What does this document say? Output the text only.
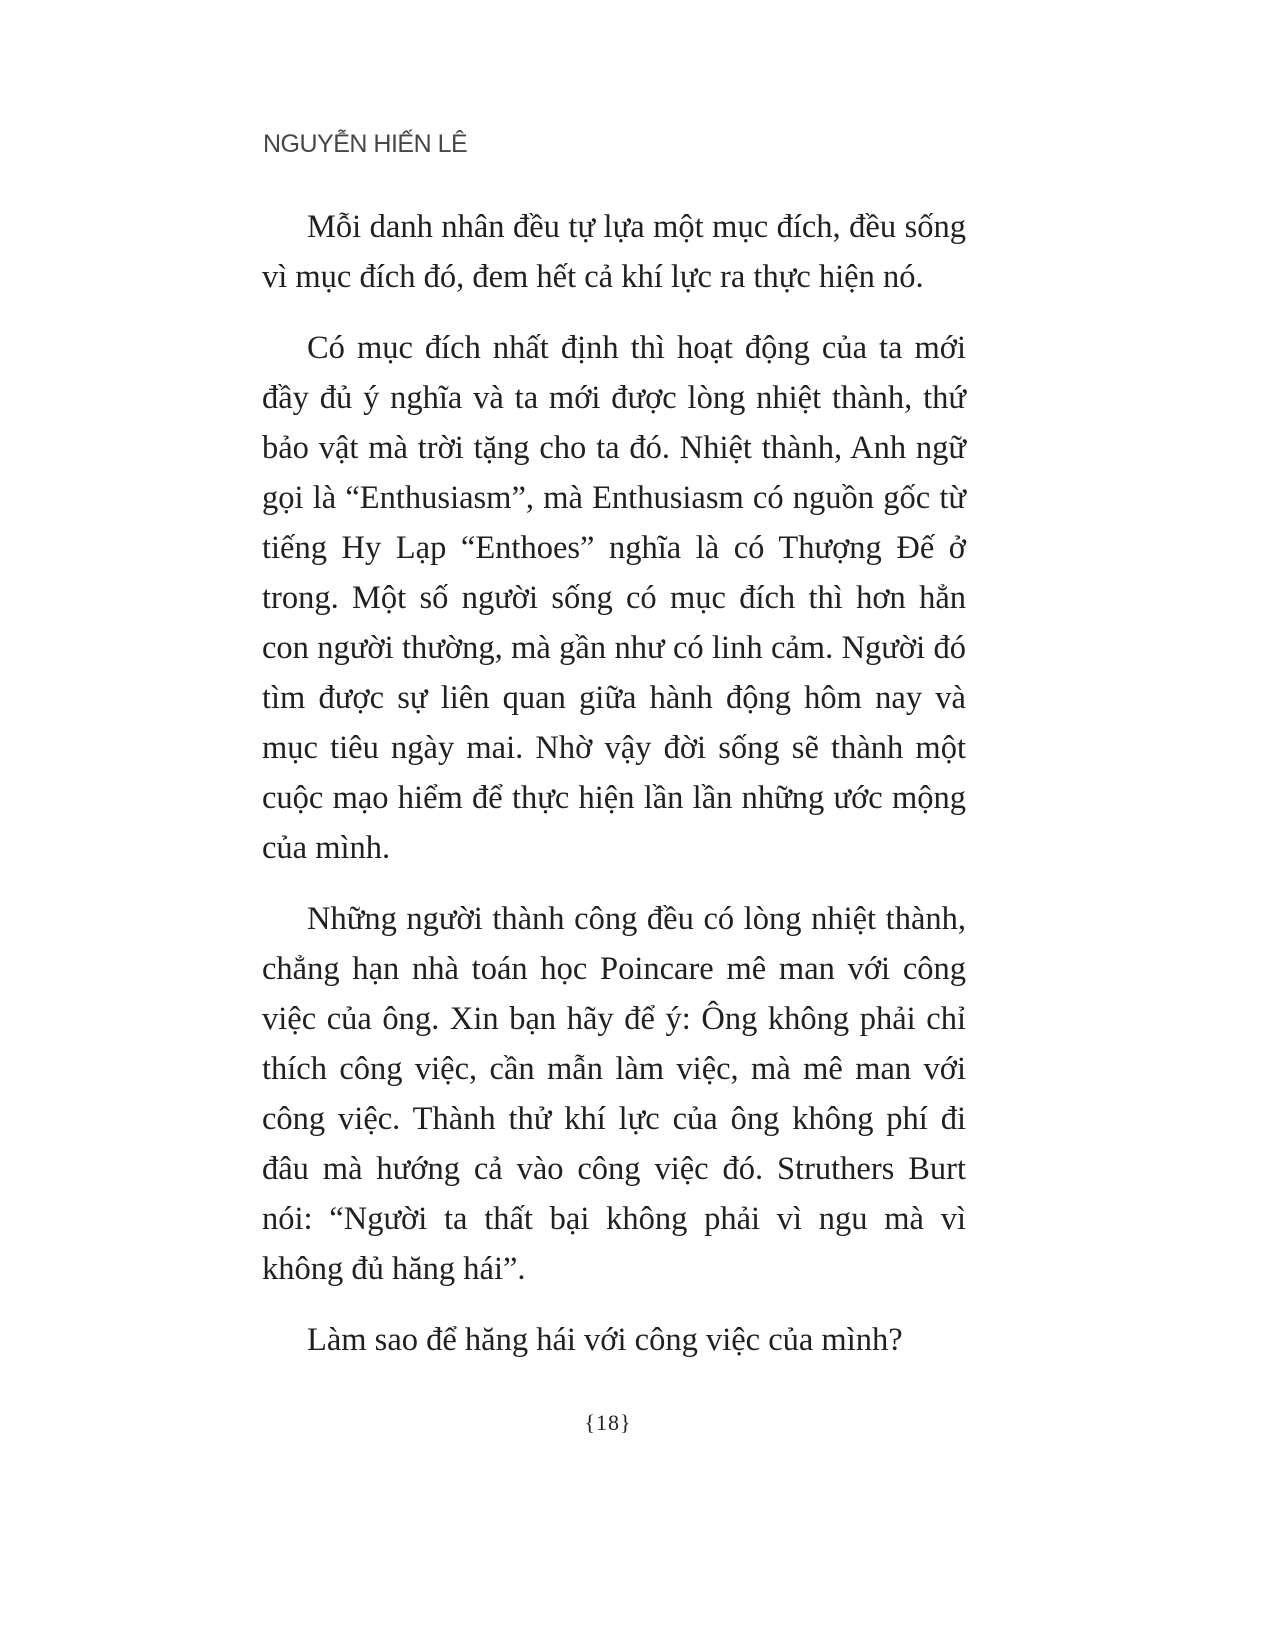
NGUYỄN HIẾN LÊ

Mỗi danh nhân đều tự lựa một mục đích, đều sống vì mục đích đó, đem hết cả khí lực ra thực hiện nó.

Có mục đích nhất định thì hoạt động của ta mới đầy đủ ý nghĩa và ta mới được lòng nhiệt thành, thứ bảo vật mà trời tặng cho ta đó. Nhiệt thành, Anh ngữ gọi là “Enthusiasm”, mà Enthusiasm có nguồn gốc từ tiếng Hy Lạp “Enthoes” nghĩa là có Thượng Đế ở trong. Một số người sống có mục đích thì hơn hẳn con người thường, mà gần như có linh cảm. Người đó tìm được sự liên quan giữa hành động hôm nay và mục tiêu ngày mai. Nhờ vậy đời sống sẽ thành một cuộc mạo hiểm để thực hiện lần lần những ước mộng của mình.

Những người thành công đều có lòng nhiệt thành, chẳng hạn nhà toán học Poincare mê man với công việc của ông. Xin bạn hãy để ý: Ông không phải chỉ thích công việc, cần mẫn làm việc, mà mê man với công việc. Thành thử khí lực của ông không phí đi đâu mà hướng cả vào công việc đó. Struthers Burt nói: “Người ta thất bại không phải vì ngu mà vì không đủ hăng hái”.

Làm sao để hăng hái với công việc của mình?

{18}
